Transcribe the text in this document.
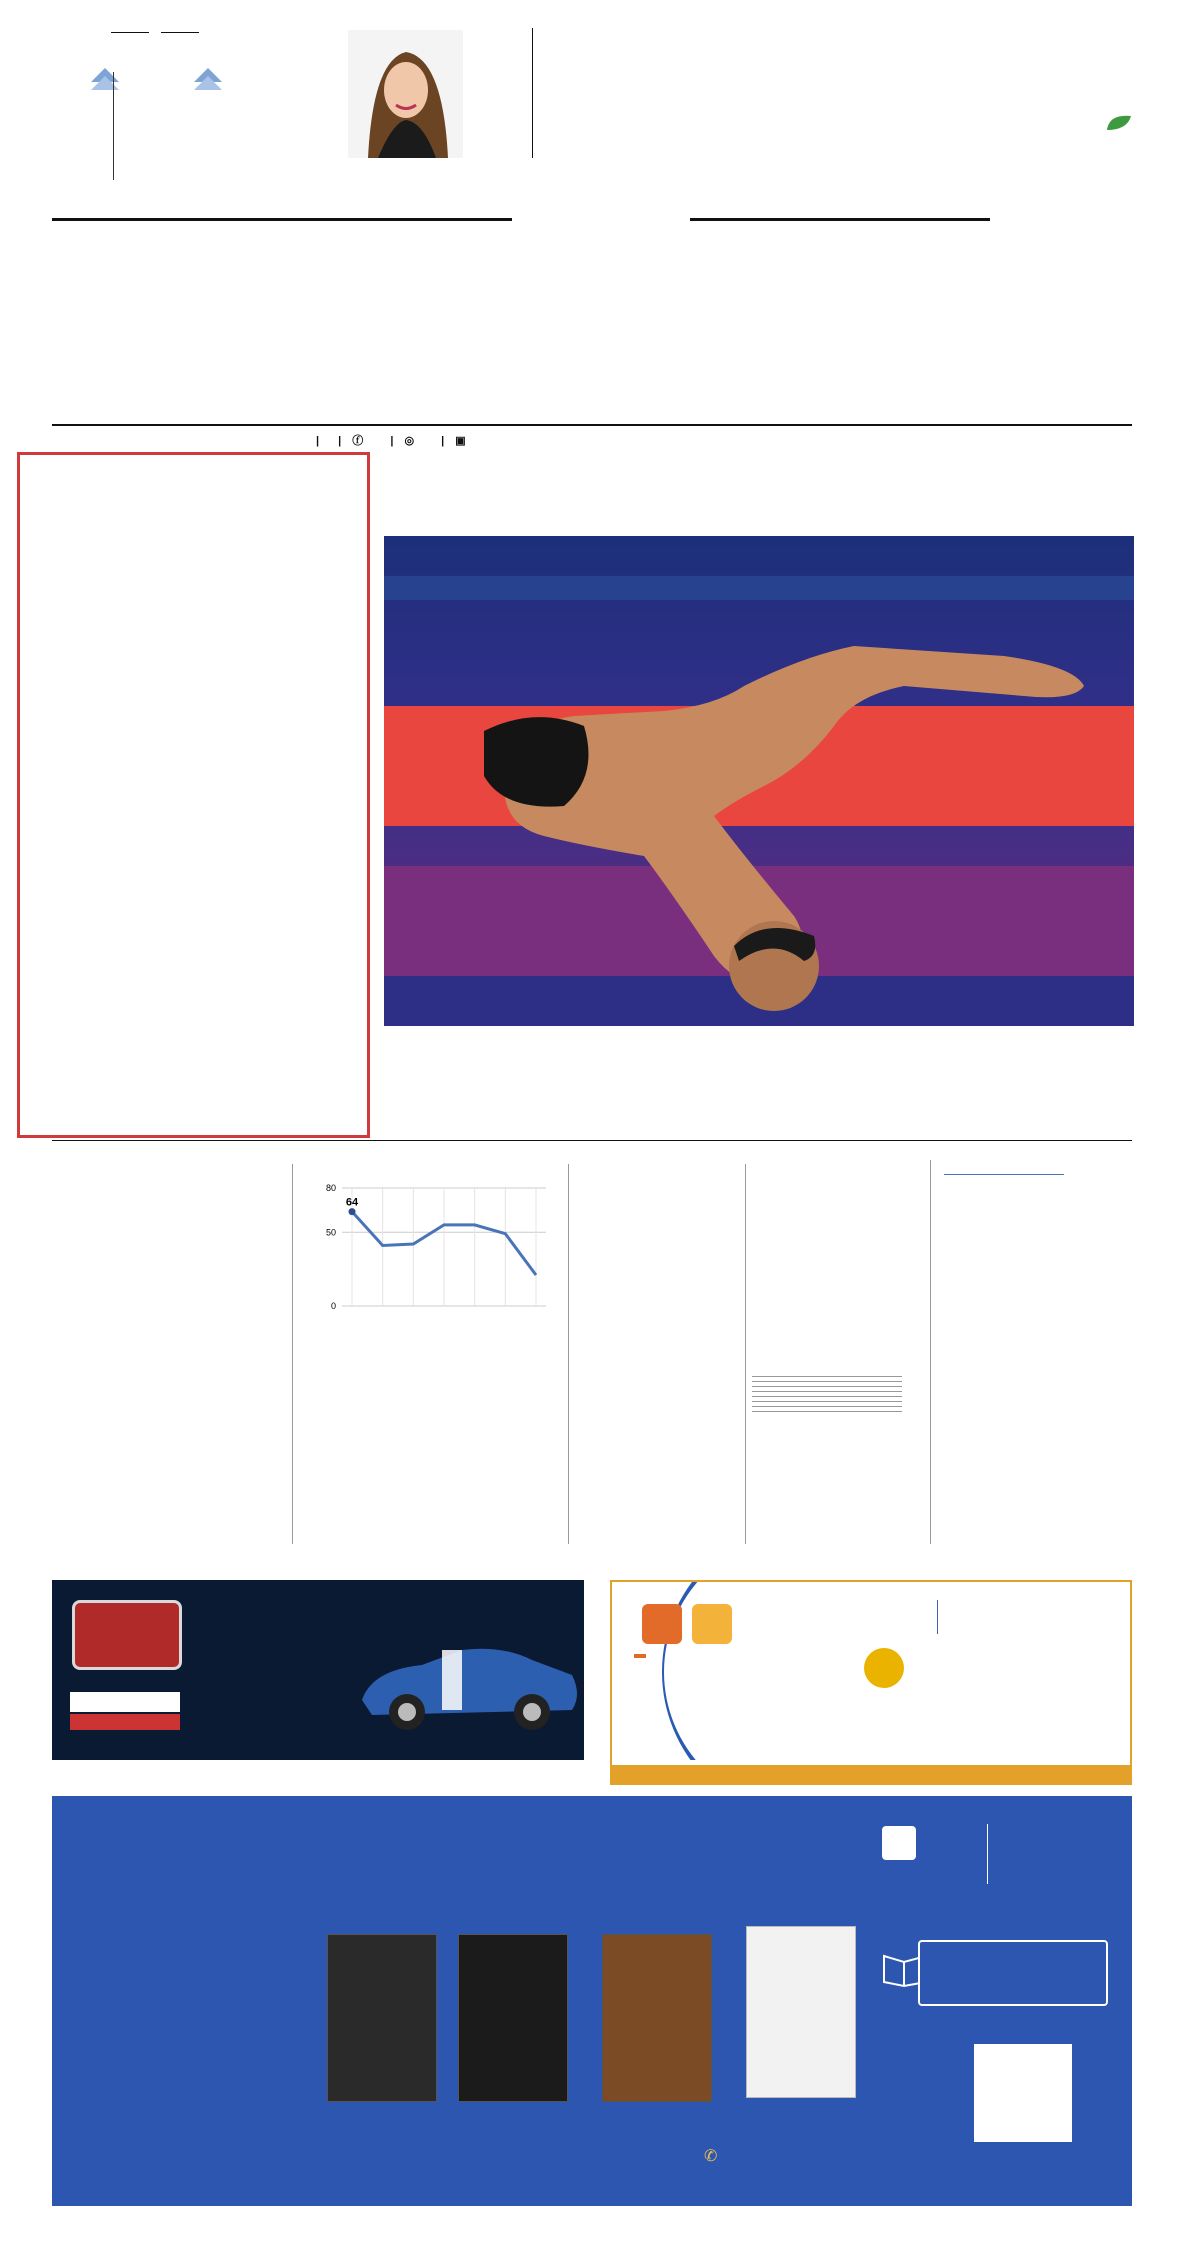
| | ⓕ | ◎ | ▣
80
50
0
64
✆
